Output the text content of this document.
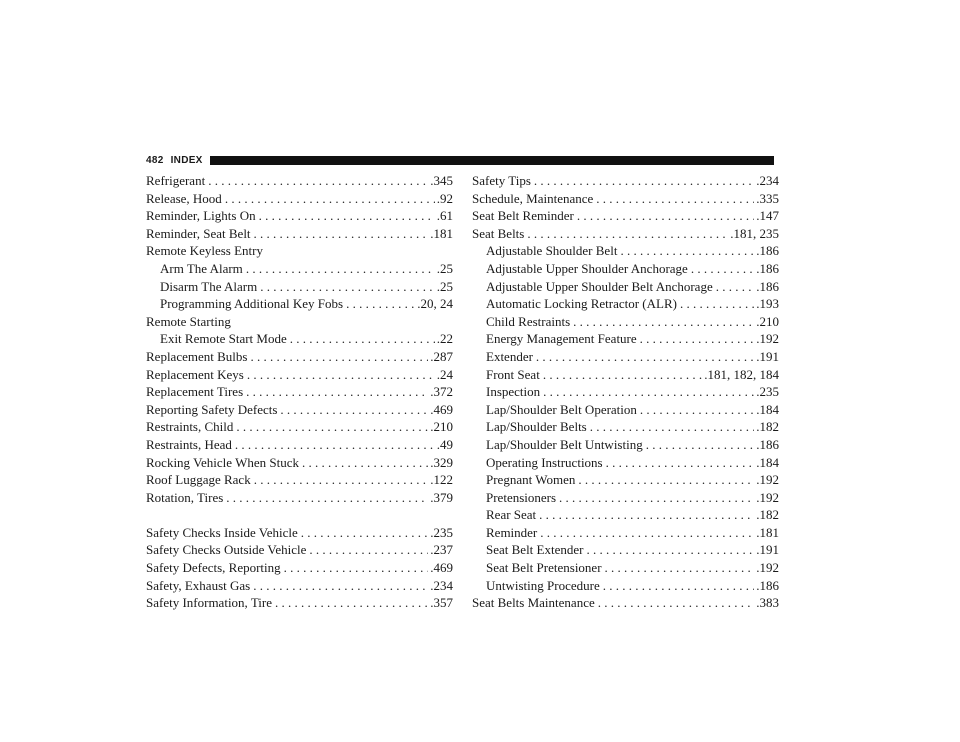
482 INDEX
Refrigerant . . .	.345
Release, Hood . . .	.92
Reminder, Lights On . . .	.61
Reminder, Seat Belt . . .	.181
Remote Keyless Entry
Arm The Alarm . . .	.25
Disarm The Alarm . . .	.25
Programming Additional Key Fobs . . .	.20, 24
Remote Starting
Exit Remote Start Mode . . .	.22
Replacement Bulbs . . .	.287
Replacement Keys . . .	.24
Replacement Tires . . .	.372
Reporting Safety Defects . . .	.469
Restraints, Child . . .	.210
Restraints, Head . . .	.49
Rocking Vehicle When Stuck . . .	.329
Roof Luggage Rack . . .	.122
Rotation, Tires . . .	.379
Safety Checks Inside Vehicle . . .	.235
Safety Checks Outside Vehicle . . .	.237
Safety Defects, Reporting . . .	.469
Safety, Exhaust Gas . . .	.234
Safety Information, Tire . . .	.357
Safety Tips . . .	.234
Schedule, Maintenance . . .	.335
Seat Belt Reminder . . .	.147
Seat Belts . . .	.181, 235
Adjustable Shoulder Belt . . .	.186
Adjustable Upper Shoulder Anchorage . . .	.186
Adjustable Upper Shoulder Belt Anchorage . . .	.186
Automatic Locking Retractor (ALR) . . .	.193
Child Restraints . . .	.210
Energy Management Feature . . .	.192
Extender . . .	.191
Front Seat . . .	.181, 182, 184
Inspection . . .	.235
Lap/Shoulder Belt Operation . . .	.184
Lap/Shoulder Belts . . .	.182
Lap/Shoulder Belt Untwisting . . .	.186
Operating Instructions . . .	.184
Pregnant Women . . .	.192
Pretensioners . . .	.192
Rear Seat . . .	.182
Reminder . . .	.181
Seat Belt Extender . . .	.191
Seat Belt Pretensioner . . .	.192
Untwisting Procedure . . .	.186
Seat Belts Maintenance . . .	.383
